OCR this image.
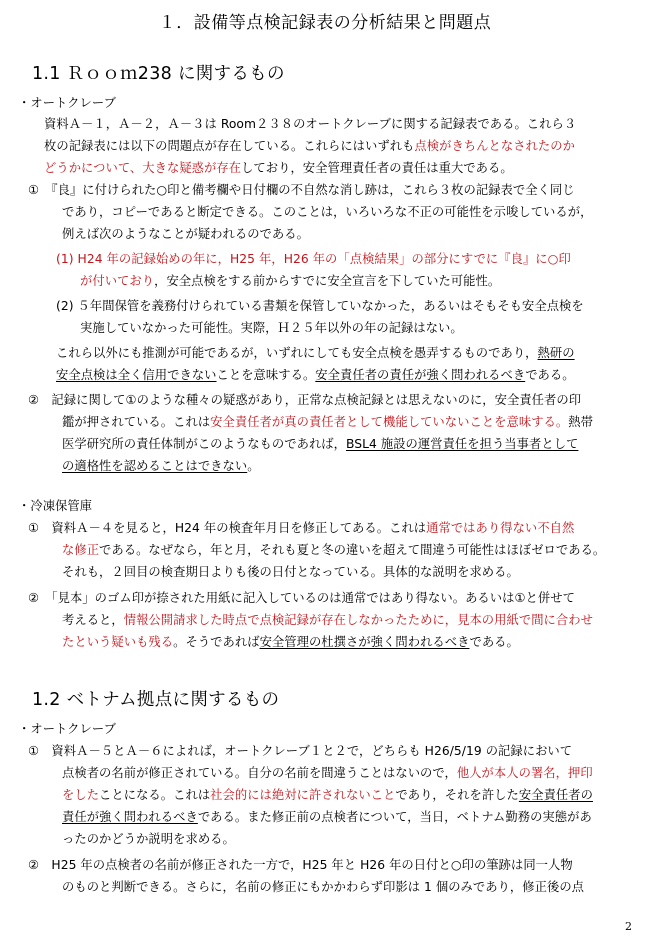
１．設備等点検記録表の分析結果と問題点
1.1 Ｒｏｏｍ238 に関するもの
・オートクレーブ
資料Ａ－１，Ａ－２，Ａ－３は Room２３８のオートクレーブに関する記録表である。これら３
枚の記録表には以下の問題点が存在している。これらにはいずれも点検がきちんとなされたのか
どうかについて、大きな疑惑が存在しており，安全管理責任者の責任は重大である。
①　『良』に付けられた○印と備考欄や日付欄の不自然な消し跡は，これら３枚の記録表で全く同じ
であり，コピーであると断定できる。このことは，いろいろな不正の可能性を示唆しているが，
例えば次のようなことが疑われるのである。
(1) H24 年の記録始めの年に，H25 年，H26 年の「点検結果」の部分にすでに『良』に○印
が付いており，安全点検をする前からすでに安全宣言を下していた可能性。
(2) ５年間保管を義務付けられている書類を保管していなかった，あるいはそもそも安全点検を
実施していなかった可能性。実際，Ｈ２５年以外の年の記録はない。
これら以外にも推測が可能であるが，いずれにしても安全点検を愚弄するものであり，熱研の
安全点検は全く信用できないことを意味する。安全責任者の責任が強く問われるべきである。
②　記録に関して①のような種々の疑惑があり，正常な点検記録とは思えないのに，安全責任者の印
鑑が押されている。これは安全責任者が真の責任者として機能していないことを意味する。熱帯
医学研究所の責任体制がこのようなものであれば，BSL4 施設の運営責任を担う当事者として
の適格性を認めることはできない。
・冷凍保管庫
①　資料Ａ－４を見ると，H24 年の検査年月日を修正してある。これは通常ではあり得ない不自然
な修正である。なぜなら，年と月，それも夏と冬の違いを超えて間違う可能性はほぼゼロである。
それも，２回目の検査期日よりも後の日付となっている。具体的な説明を求める。
②　「見本」のゴム印が捺された用紙に記入しているのは通常ではあり得ない。あるいは①と併せて
考えると，情報公開請求した時点で点検記録が存在しなかったために，見本の用紙で間に合わせ
たという疑いも残る。そうであれば安全管理の杜撰さが強く問われるべきである。
1.2 ベトナム拠点に関するもの
・オートクレーブ
①　資料Ａ－５とＡ－６によれば，オートクレーブ１と２で，どちらも H26/5/19 の記録において
点検者の名前が修正されている。自分の名前を間違うことはないので，他人が本人の署名，押印
をしたことになる。これは社会的には絶対に許されないことであり，それを許した安全責任者の
責任が強く問われるべきである。また修正前の点検者について，当日，ベトナム勤務の実態があ
ったのかどうか説明を求める。
②　H25 年の点検者の名前が修正された一方で，H25 年と H26 年の日付と○印の筆跡は同一人物
のものと判断できる。さらに，名前の修正にもかかわらず印影は 1 個のみであり，修正後の点
2
